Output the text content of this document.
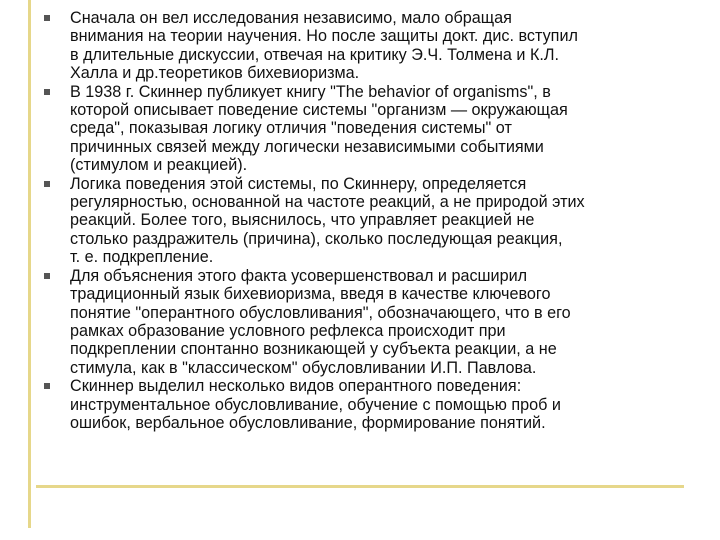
Сначала он вел исследования независимо, мало обращая
внимания на теории научения. Но после защиты докт. дис. вступил
в длительные дискуссии, отвечая на критику Э.Ч. Толмена и К.Л.
Халла и др.теоретиков бихевиоризма.
В 1938 г. Скиннер публикует книгу "The behavior of organisms", в
которой описывает поведение системы "организм — окружающая
среда", показывая логику отличия "поведения системы" от
причинных связей между логически независимыми событиями
(стимулом и реакцией).
Логика поведения этой системы, по Скиннеру, определяется
регулярностью, основанной на частоте реакций, а не природой этих
реакций. Более того, выяснилось, что управляет реакцией не
столько раздражитель (причина), сколько последующая реакция,
т. е. подкрепление.
Для объяснения этого факта усовершенствовал и расширил
традиционный язык бихевиоризма, введя в качестве ключевого
понятие "оперантного обусловливания", обозначающего, что в его
рамках образование условного рефлекса происходит при
подкреплении спонтанно возникающей у субъекта реакции, а не
стимула, как в "классическом" обусловливании И.П. Павлова.
Скиннер выделил несколько видов оперантного поведения:
инструментальное обусловливание, обучение с помощью проб и
ошибок, вербальное обусловливание, формирование понятий.
